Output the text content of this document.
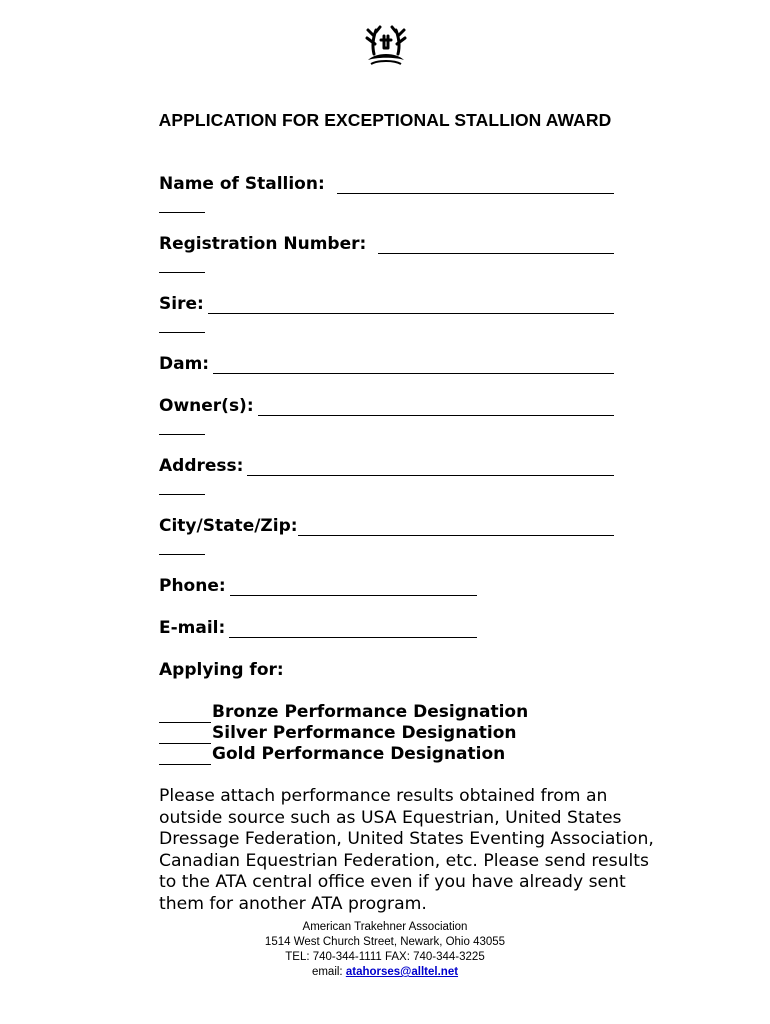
APPLICATION FOR EXCEPTIONAL STALLION AWARD
Name of Stallion:
Registration Number:
Sire:
Dam:
Owner(s):
Address:
City/State/Zip:
Phone:
E-mail:
Applying for:
Bronze Performance Designation
Silver Performance Designation
Gold Performance Designation
Please attach performance results obtained from an outside source such as USA Equestrian, United States Dressage Federation, United States Eventing Association, Canadian Equestrian Federation, etc. Please send results to the ATA central office even if you have already sent them for another ATA program.
American Trakehner Association
1514 West Church Street, Newark, Ohio 43055
TEL: 740-344-1111 FAX: 740-344-3225
email: atahorses@alltel.net
